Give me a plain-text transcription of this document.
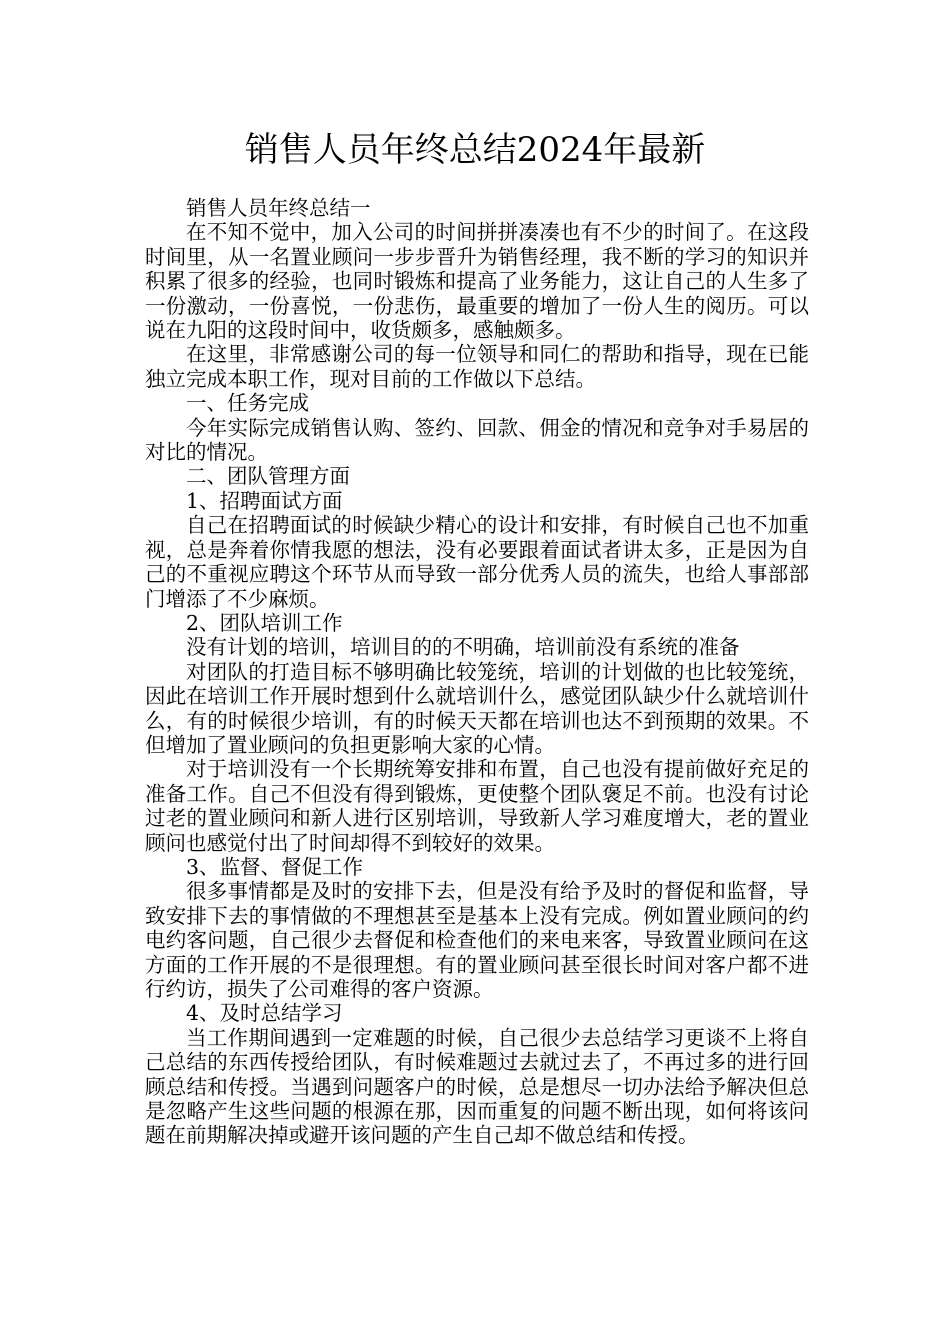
销售人员年终总结2024年最新

销售人员年终总结一

在不知不觉中，加入公司的时间拼拼凑凑也有不少的时间了。在这段时间里，从一名置业顾问一步步晋升为销售经理，我不断的学习的知识并积累了很多的经验，也同时锻炼和提高了业务能力，这让自己的人生多了一份激动，一份喜悦，一份悲伤，最重要的增加了一份人生的阅历。可以说在九阳的这段时间中，收货颇多，感触颇多。

在这里，非常感谢公司的每一位领导和同仁的帮助和指导，现在已能独立完成本职工作，现对目前的工作做以下总结。

一、任务完成

今年实际完成销售认购、签约、回款、佣金的情况和竞争对手易居的对比的情况。

二、团队管理方面

1、招聘面试方面

自己在招聘面试的时候缺少精心的设计和安排，有时候自己也不加重视，总是奔着你情我愿的想法，没有必要跟着面试者讲太多，正是因为自己的不重视应聘这个环节从而导致一部分优秀人员的流失，也给人事部部门增添了不少麻烦。

2、团队培训工作

没有计划的培训，培训目的的不明确，培训前没有系统的准备

对团队的打造目标不够明确比较笼统，培训的计划做的也比较笼统，因此在培训工作开展时想到什么就培训什么，感觉团队缺少什么就培训什么，有的时候很少培训，有的时候天天都在培训也达不到预期的效果。不但增加了置业顾问的负担更影响大家的心情。

对于培训没有一个长期统筹安排和布置，自己也没有提前做好充足的准备工作。自己不但没有得到锻炼，更使整个团队褒足不前。也没有讨论过老的置业顾问和新人进行区别培训，导致新人学习难度增大，老的置业顾问也感觉付出了时间却得不到较好的效果。

3、监督、督促工作

很多事情都是及时的安排下去，但是没有给予及时的督促和监督，导致安排下去的事情做的不理想甚至是基本上没有完成。例如置业顾问的约电约客问题，自己很少去督促和检查他们的来电来客，导致置业顾问在这方面的工作开展的不是很理想。有的置业顾问甚至很长时间对客户都不进行约访，损失了公司难得的客户资源。

4、及时总结学习

当工作期间遇到一定难题的时候，自己很少去总结学习更谈不上将自己总结的东西传授给团队，有时候难题过去就过去了，不再过多的进行回顾总结和传授。当遇到问题客户的时候，总是想尽一切办法给予解决但总是忽略产生这些问题的根源在那，因而重复的问题不断出现，如何将该问题在前期解决掉或避开该问题的产生自己却不做总结和传授。
